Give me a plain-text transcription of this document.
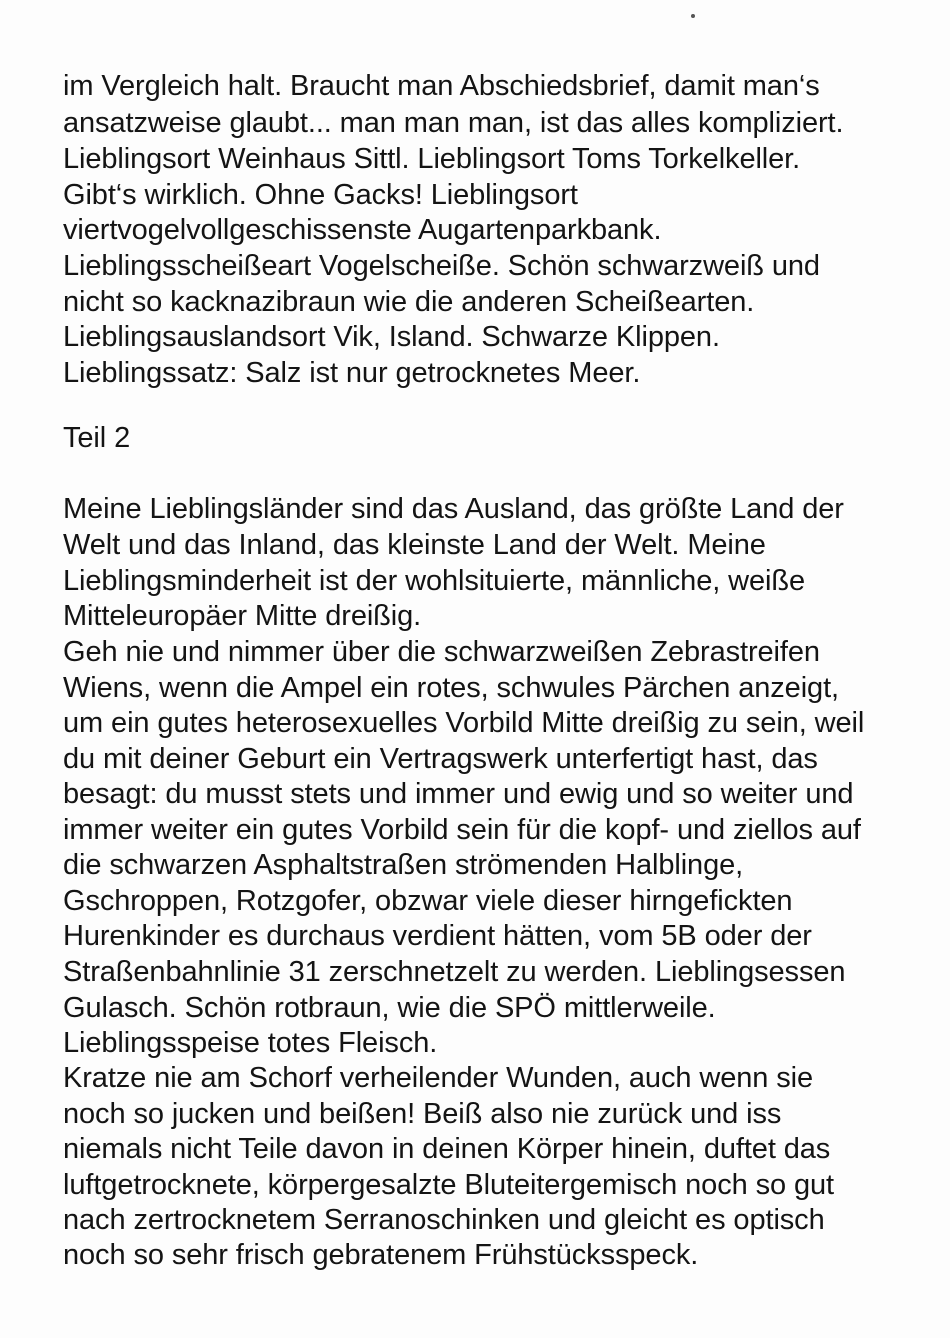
im Vergleich halt. Braucht man Abschiedsbrief, damit man‘s
ansatzweise glaubt... man man man, ist das alles kompliziert.
Lieblingsort Weinhaus Sittl. Lieblingsort Toms Torkelkeller.
Gibt‘s wirklich. Ohne Gacks! Lieblingsort
viertvogelvollgeschissenste Augartenparkbank.
Lieblingsscheißeart Vogelscheiße. Schön schwarzweiß und
nicht so kacknazibraun wie die anderen Scheißearten.
Lieblingsauslandsort Vik, Island. Schwarze Klippen.
Lieblingssatz: Salz ist nur getrocknetes Meer.
Teil 2
Meine Lieblingsländer sind das Ausland, das größte Land der
Welt und das Inland, das kleinste Land der Welt. Meine
Lieblingsminderheit ist der wohlsituierte, männliche, weiße
Mitteleuropäer Mitte dreißig.
Geh nie und nimmer über die schwarzweißen Zebrastreifen
Wiens, wenn die Ampel ein rotes, schwules Pärchen anzeigt,
um ein gutes heterosexuelles Vorbild Mitte dreißig zu sein, weil
du mit deiner Geburt ein Vertragswerk unterfertigt hast, das
besagt: du musst stets und immer und ewig und so weiter und
immer weiter ein gutes Vorbild sein für die kopf- und ziellos auf
die schwarzen Asphaltstraßen strömenden Halblinge,
Gschroppen, Rotzgofer, obzwar viele dieser hirngefickten
Hurenkinder es durchaus verdient hätten, vom 5B oder der
Straßenbahnlinie 31 zerschnetzelt zu werden. Lieblingsessen
Gulasch. Schön rotbraun, wie die SPÖ mittlerweile.
Lieblingsspeise totes Fleisch.
Kratze nie am Schorf verheilender Wunden, auch wenn sie
noch so jucken und beißen! Beiß also nie zurück und iss
niemals nicht Teile davon in deinen Körper hinein, duftet das
luftgetrocknete, körpergesalzte Bluteitergemisch noch so gut
nach zertrocknetem Serranoschinken und gleicht es optisch
noch so sehr frisch gebratenem Frühstücksspeck.
